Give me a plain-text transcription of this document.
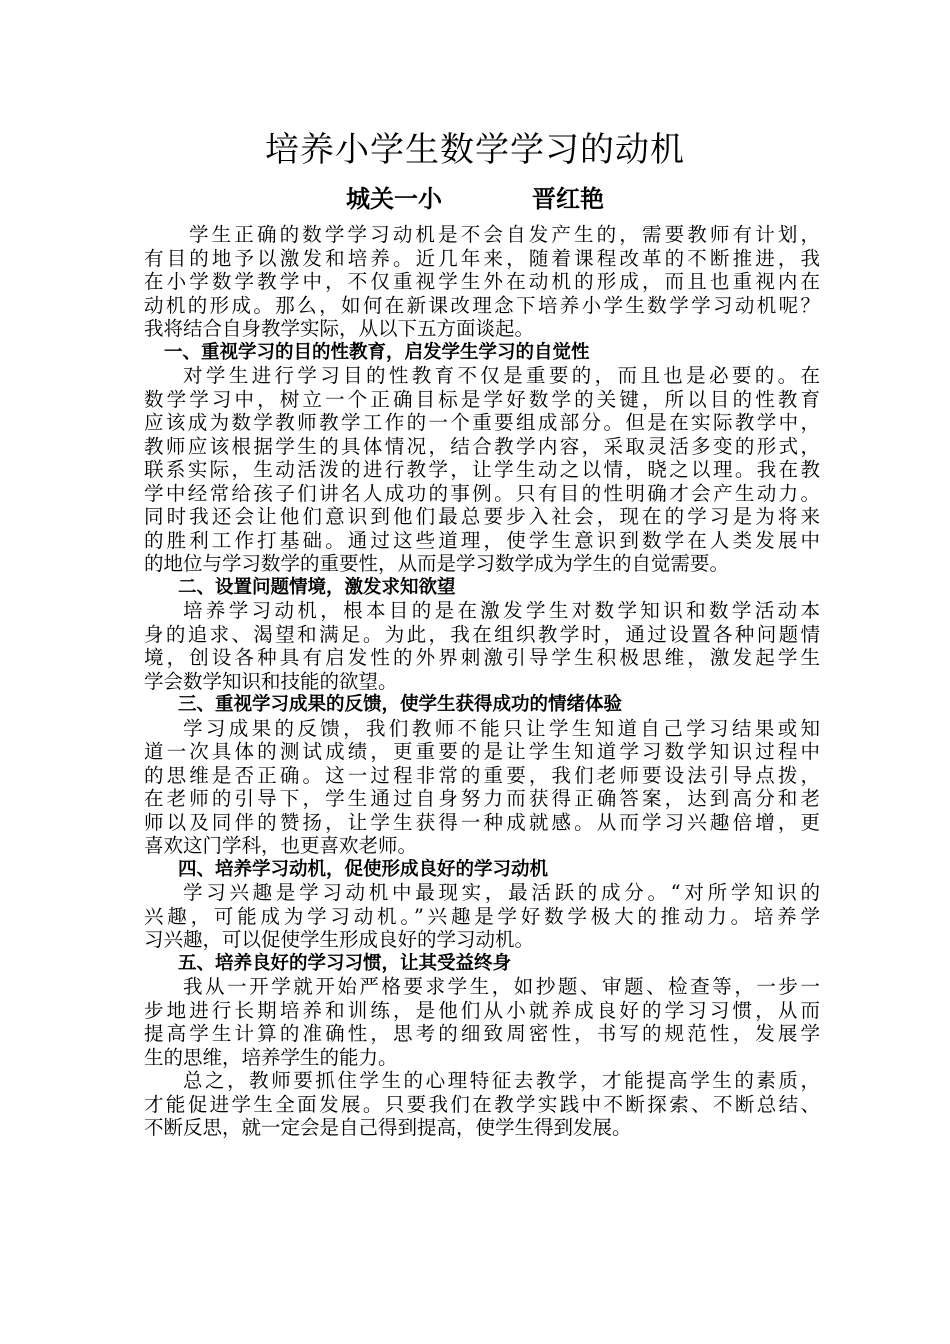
培养小学生数学学习的动机
城关一小	晋红艳
学生正确的数学学习动机是不会自发产生的，需要教师有计划，
有目的地予以激发和培养。近几年来，随着课程改革的不断推进，我
在小学数学教学中，不仅重视学生外在动机的形成，而且也重视内在
动机的形成。那么，如何在新课改理念下培养小学生数学学习动机呢？
我将结合自身教学实际，从以下五方面谈起。
一、重视学习的目的性教育，启发学生学习的自觉性
对学生进行学习目的性教育不仅是重要的，而且也是必要的。在
数学学习中，树立一个正确目标是学好数学的关键，所以目的性教育
应该成为数学教师教学工作的一个重要组成部分。但是在实际教学中，
教师应该根据学生的具体情况，结合教学内容，采取灵活多变的形式，
联系实际，生动活泼的进行教学，让学生动之以情，晓之以理。我在教
学中经常给孩子们讲名人成功的事例。只有目的性明确才会产生动力。
同时我还会让他们意识到他们最总要步入社会，现在的学习是为将来
的胜利工作打基础。通过这些道理，使学生意识到数学在人类发展中
的地位与学习数学的重要性，从而是学习数学成为学生的自觉需要。
二、设置问题情境，激发求知欲望
培养学习动机，根本目的是在激发学生对数学知识和数学活动本
身的追求、渴望和满足。为此，我在组织教学时，通过设置各种问题情
境，创设各种具有启发性的外界刺激引导学生积极思维，激发起学生
学会数学知识和技能的欲望。
三、重视学习成果的反馈，使学生获得成功的情绪体验
学习成果的反馈，我们教师不能只让学生知道自己学习结果或知
道一次具体的测试成绩，更重要的是让学生知道学习数学知识过程中
的思维是否正确。这一过程非常的重要，我们老师要设法引导点拨，
在老师的引导下，学生通过自身努力而获得正确答案，达到高分和老
师以及同伴的赞扬，让学生获得一种成就感。从而学习兴趣倍增，更
喜欢这门学科，也更喜欢老师。
四、培养学习动机，促使形成良好的学习动机
学习兴趣是学习动机中最现实，最活跃的成分。“对所学知识的
兴趣，可能成为学习动机。”兴趣是学好数学极大的推动力。培养学
习兴趣，可以促使学生形成良好的学习动机。
五、培养良好的学习习惯，让其受益终身
我从一开学就开始严格要求学生，如抄题、审题、检查等，一步一
步地进行长期培养和训练，是他们从小就养成良好的学习习惯，从而
提高学生计算的准确性，思考的细致周密性，书写的规范性，发展学
生的思维，培养学生的能力。
总之，教师要抓住学生的心理特征去教学，才能提高学生的素质，
才能促进学生全面发展。只要我们在教学实践中不断探索、不断总结、
不断反思，就一定会是自己得到提高，使学生得到发展。
